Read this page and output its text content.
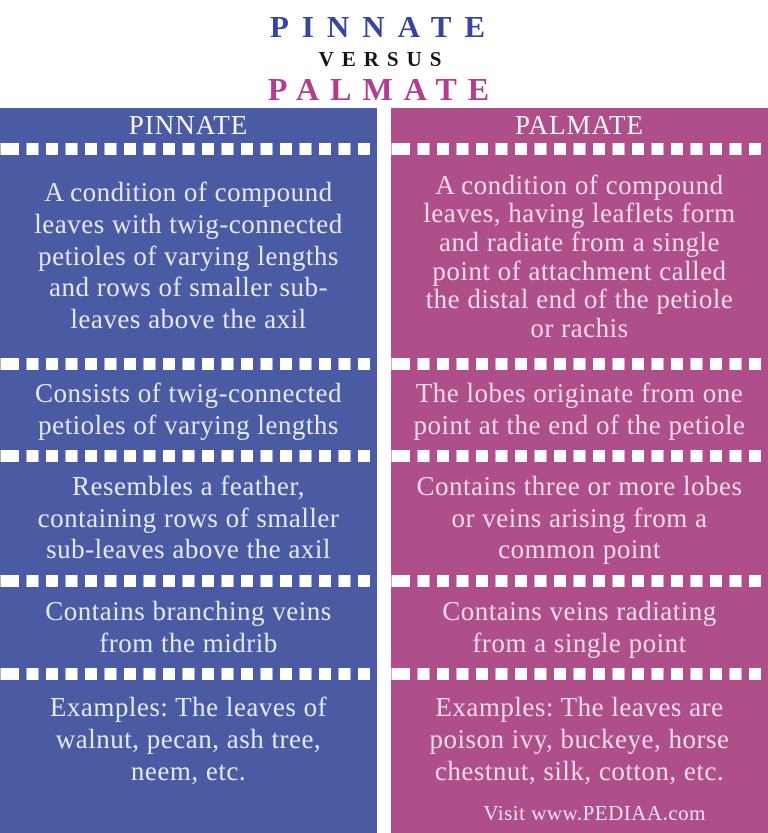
PINNATE
VERSUS
PALMATE
PINNATE
A condition of compound leaves with twig-connected petioles of varying lengths and rows of smaller sub-leaves above the axil
Consists of twig-connected petioles of varying lengths
Resembles a feather, containing rows of smaller sub-leaves above the axil
Contains branching veins from the midrib
Examples: The leaves of walnut, pecan, ash tree, neem, etc.
PALMATE
A condition of compound leaves, having leaflets form and radiate from a single point of attachment called the distal end of the petiole or rachis
The lobes originate from one point at the end of the petiole
Contains three or more lobes or veins arising from a common point
Contains veins radiating from a single point
Examples: The leaves are poison ivy, buckeye, horse chestnut, silk, cotton, etc.
Visit www.PEDIAA.com
